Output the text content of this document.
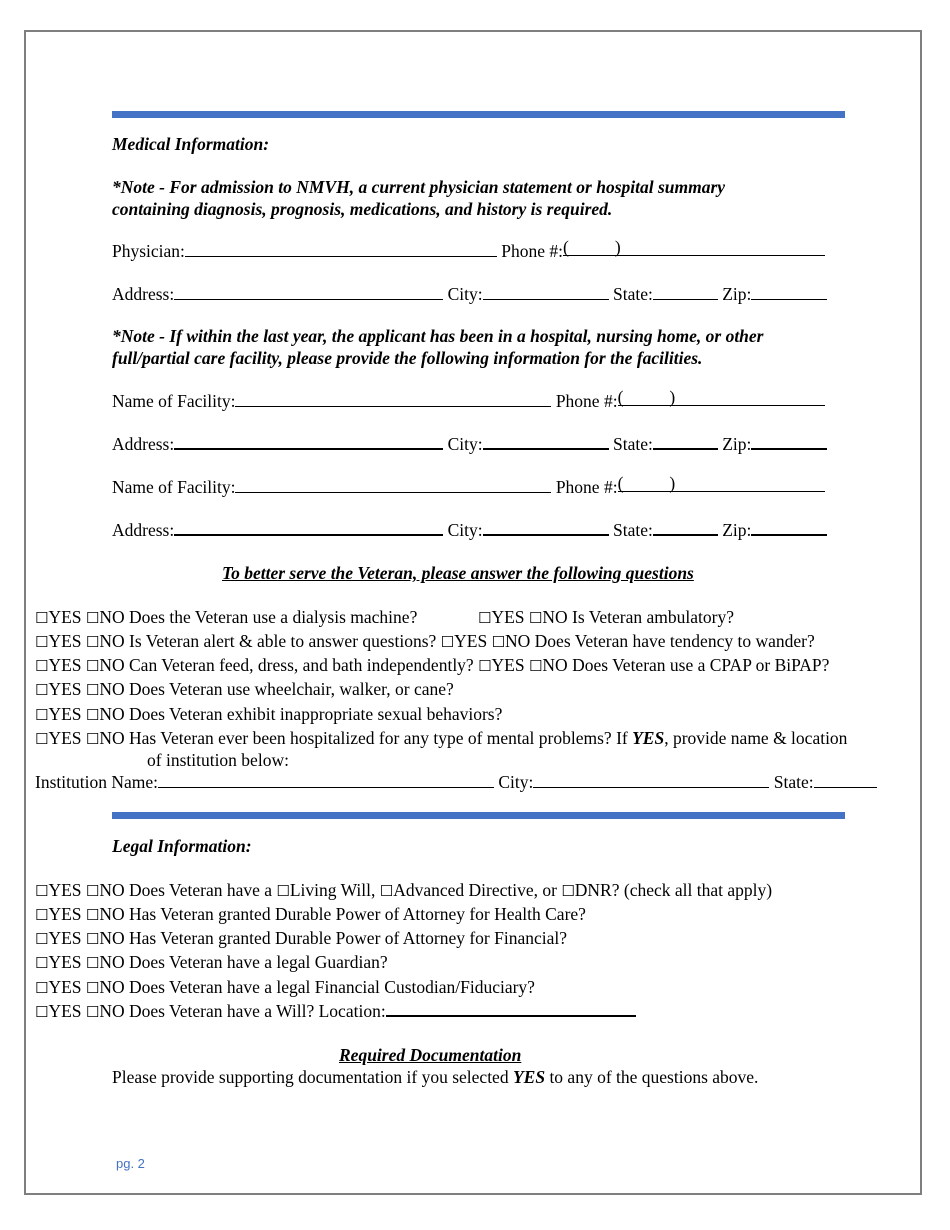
Medical Information:
*Note - For admission to NMVH, a current physician statement or hospital summary
containing diagnosis, prognosis, medications, and history is required.
Physician:	Phone #:(	)
Address:	City:	State:	Zip:
*Note - If within the last year, the applicant has been in a hospital, nursing home, or other
full/partial care facility, please provide the following information for the facilities.
Name of Facility:	Phone #:(	)
Address:	City:	State:	Zip:
Name of Facility:	Phone #:(	)
Address:	City:	State:	Zip:
To better serve the Veteran, please answer the following questions
☐YES ☐NO Does the Veteran use a dialysis machine?	☐YES ☐NO Is Veteran ambulatory?
☐YES ☐NO Is Veteran alert & able to answer questions? ☐YES ☐NO Does Veteran have tendency to wander?
☐YES ☐NO Can Veteran feed, dress, and bath independently? ☐YES ☐NO Does Veteran use a CPAP or BiPAP?
☐YES ☐NO Does Veteran use wheelchair, walker, or cane?
☐YES ☐NO Does Veteran exhibit inappropriate sexual behaviors?
☐YES ☐NO Has Veteran ever been hospitalized for any type of mental problems? If YES, provide name & location
of institution below:
Institution Name:	City:	State:
Legal Information:
☐YES ☐NO Does Veteran have a ☐Living Will, ☐Advanced Directive, or ☐DNR? (check all that apply)
☐YES ☐NO Has Veteran granted Durable Power of Attorney for Health Care?
☐YES ☐NO Has Veteran granted Durable Power of Attorney for Financial?
☐YES ☐NO Does Veteran have a legal Guardian?
☐YES ☐NO Does Veteran have a legal Financial Custodian/Fiduciary?
☐YES ☐NO Does Veteran have a Will? Location:
Required Documentation
Please provide supporting documentation if you selected YES to any of the questions above.
pg. 2
